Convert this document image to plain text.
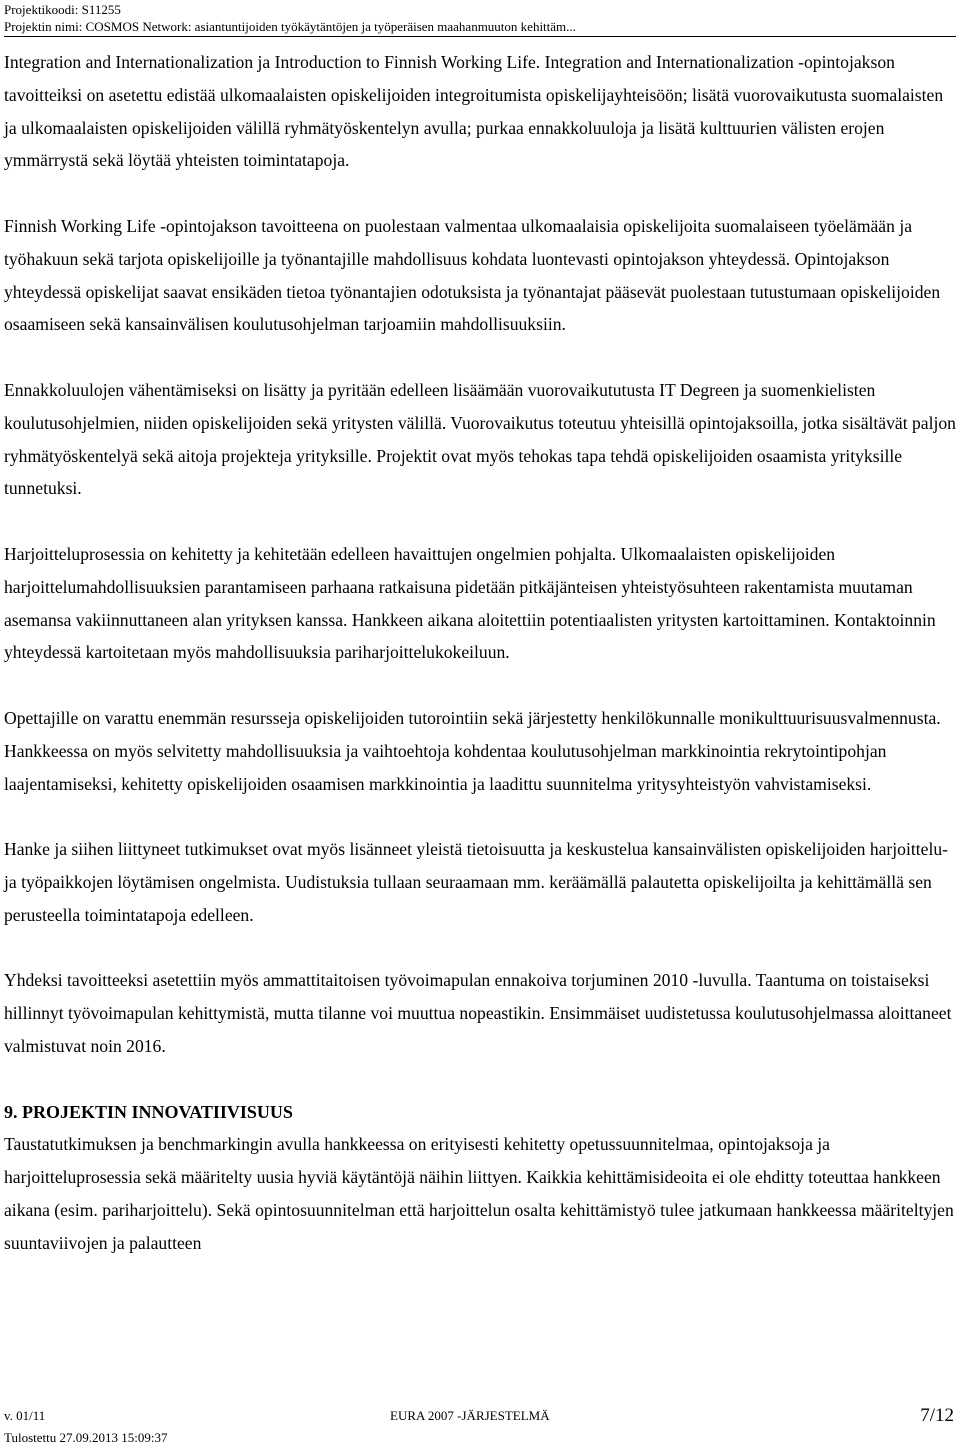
Projektikoodi: S11255
Projektin nimi: COSMOS Network: asiantuntijoiden työkäytäntöjen ja työperäisen maahanmuuton kehittäm...

Integration and Internationalization ja Introduction to Finnish Working Life. Integration and Internationalization -opintojakson tavoitteiksi on asetettu edistää ulkomaalaisten opiskelijoiden integroitumista opiskelijayhteisöön; lisätä vuorovaikutusta suomalaisten ja ulkomaalaisten opiskelijoiden välillä ryhmätyöskentelyn avulla; purkaa ennakkoluuloja ja lisätä kulttuurien välisten erojen ymmärrystä sekä löytää yhteisten toimintatapoja.

Finnish Working Life -opintojakson tavoitteena on puolestaan valmentaa ulkomaalaisia opiskelijoita suomalaiseen työelämään ja työhakuun sekä tarjota opiskelijoille ja työnantajille mahdollisuus kohdata luontevasti opintojakson yhteydessä. Opintojakson yhteydessä opiskelijat saavat ensikäden tietoa työnantajien odotuksista ja työnantajat pääsevät puolestaan tutustumaan opiskelijoiden osaamiseen sekä kansainvälisen koulutusohjelman tarjoamiin mahdollisuuksiin.

Ennakkoluulojen vähentämiseksi on lisätty ja pyritään edelleen lisäämään vuorovaikututusta IT Degreen ja suomenkielisten koulutusohjelmien, niiden opiskelijoiden sekä yritysten välillä. Vuorovaikutus toteutuu yhteisillä opintojaksoilla, jotka sisältävät paljon ryhmätyöskentelyä sekä aitoja projekteja yrityksille. Projektit ovat myös tehokas tapa tehdä opiskelijoiden osaamista yrityksille tunnetuksi.

Harjoitteluprosessia on kehitetty ja kehitetään edelleen havaittujen ongelmien pohjalta. Ulkomaalaisten opiskelijoiden harjoittelumahdollisuuksien parantamiseen parhaana ratkaisuna pidetään pitkäjänteisen yhteistyösuhteen rakentamista muutaman asemansa vakiinnuttaneen alan yrityksen kanssa. Hankkeen aikana aloitettiin potentiaalisten yritysten kartoittaminen. Kontaktoinnin yhteydessä kartoitetaan myös mahdollisuuksia pariharjoittelukokeiluun.

Opettajille on varattu enemmän resursseja opiskelijoiden tutorointiin sekä järjestetty henkilökunnalle monikulttuurisuusvalmennusta. Hankkeessa on myös selvitetty mahdollisuuksia ja vaihtoehtoja kohdentaa koulutusohjelman markkinointia rekrytointipohjan laajentamiseksi, kehitetty opiskelijoiden osaamisen markkinointia ja laadittu suunnitelma yritysyhteistyön vahvistamiseksi.

Hanke ja siihen liittyneet tutkimukset ovat myös lisänneet yleistä tietoisuutta ja keskustelua kansainvälisten opiskelijoiden harjoittelu- ja työpaikkojen löytämisen ongelmista. Uudistuksia tullaan seuraamaan mm. keräämällä palautetta opiskelijoilta ja kehittämällä sen perusteella toimintatapoja edelleen.

Yhdeksi tavoitteeksi asetettiin myös ammattitaitoisen työvoimapulan ennakoiva torjuminen 2010 -luvulla. Taantuma on toistaiseksi hillinnyt työvoimapulan kehittymistä, mutta tilanne voi muuttua nopeastikin. Ensimmäiset uudistetussa koulutusohjelmassa aloittaneet valmistuvat noin 2016.

9. PROJEKTIN INNOVATIIVISUUS

Taustatutkimuksen ja benchmarkingin avulla hankkeessa on erityisesti kehitetty opetussuunnitelmaa, opintojaksoja ja harjoitteluprosessia sekä määritelty uusia hyviä käytäntöjä näihin liittyen. Kaikkia kehittämisideoita ei ole ehditty toteuttaa hankkeen aikana (esim. pariharjoittelu). Sekä opintosuunnitelman että harjoittelun osalta kehittämistyö tulee jatkumaan hankkeessa määriteltyjen suuntaviivojen ja palautteen

v. 01/11	EURA 2007 -JÄRJESTELMÄ	7/12
Tulostettu 27.09.2013 15:09:37
